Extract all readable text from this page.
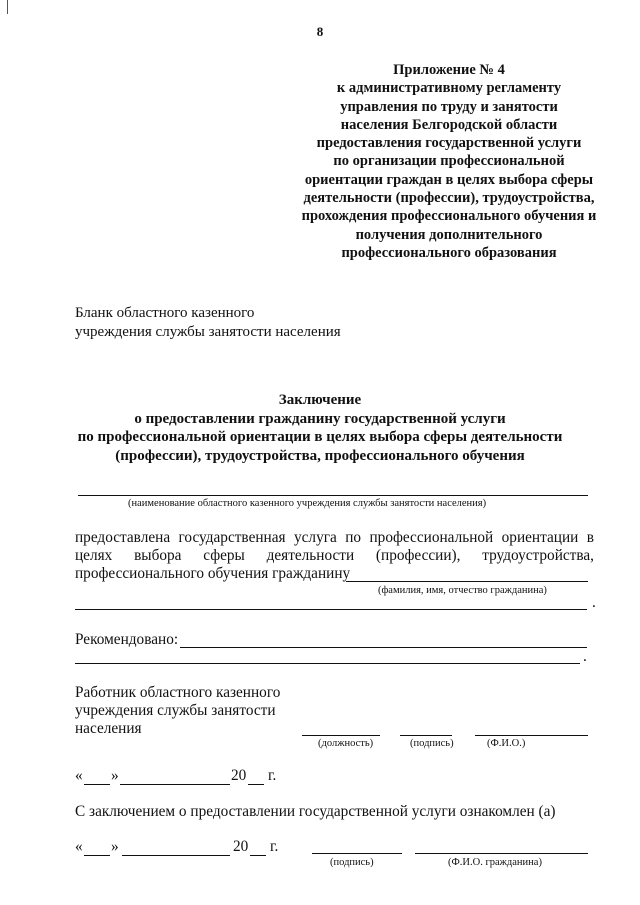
8
Приложение № 4
к административному регламенту
управления по труду и занятости
населения Белгородской области
предоставления государственной услуги
по организации профессиональной
ориентации граждан в целях выбора сферы
деятельности (профессии), трудоустройства,
прохождения профессионального обучения и
получения дополнительного
профессионального образования
Бланк областного казенного
учреждения службы занятости населения
Заключение
о предоставлении гражданину государственной услуги
по профессиональной ориентации в целях выбора сферы деятельности
(профессии), трудоустройства, профессионального обучения
(наименование областного казенного учреждения службы занятости населения)
предоставлена государственная услуга по профессиональной ориентации в
целях выбора сферы деятельности (профессии), трудоустройства,
профессионального обучения гражданину
(фамилия, имя, отчество гражданина)
.
Рекомендовано:
.
Работник областного казенного
учреждения службы занятости
населения
(должность)	(подпись)	(Ф.И.О.)
« »	20 г.
С заключением о предоставлении государственной услуги ознакомлен (а)
« »	20 г.
(подпись)	(Ф.И.О. гражданина)
